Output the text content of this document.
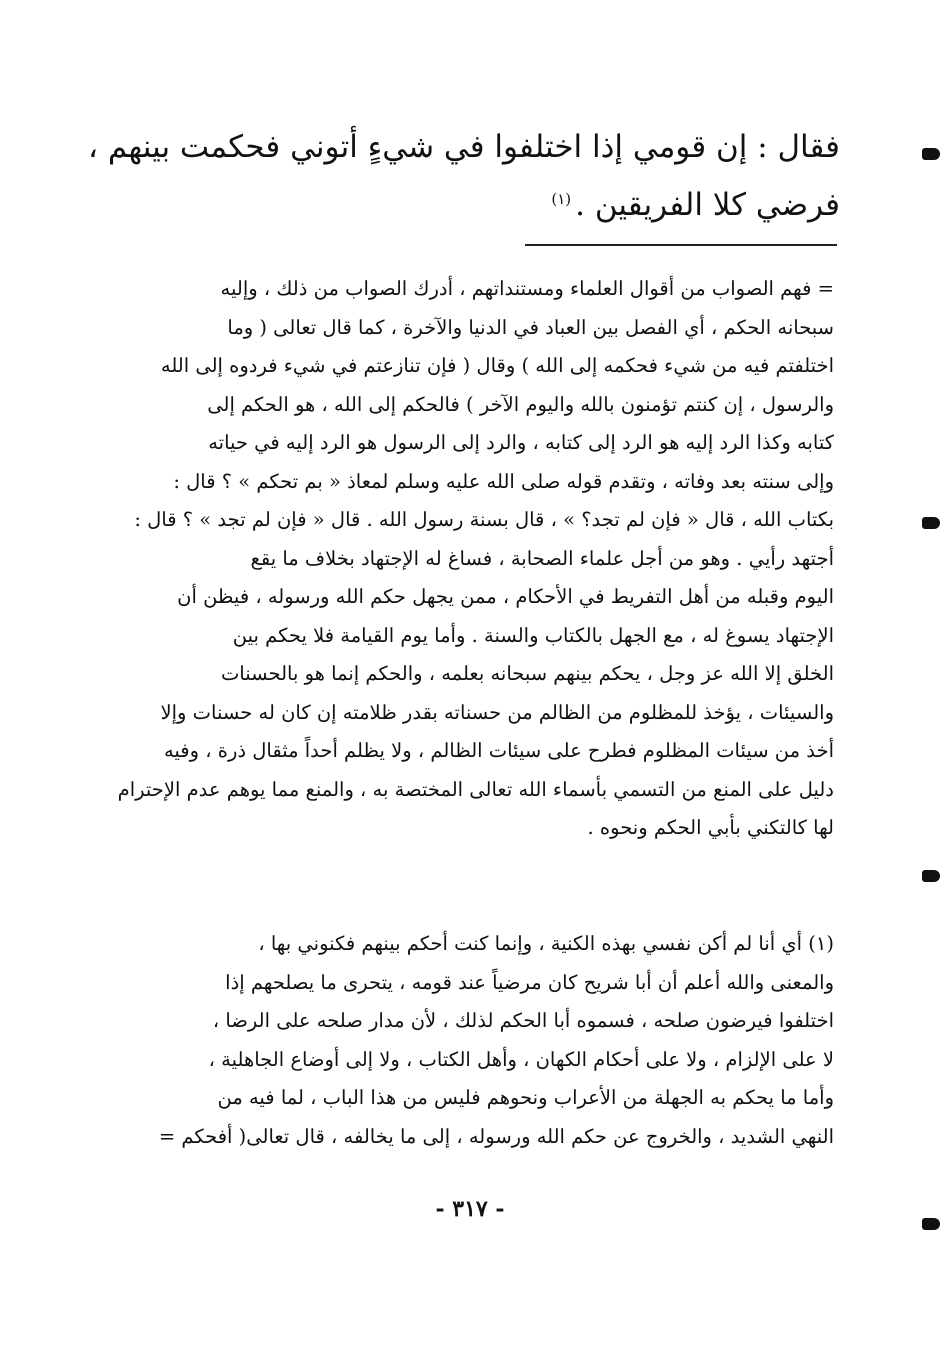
فقال : إن قومي إذا اختلفوا في شيءٍ أتوني فحكمت بينهم ،
فرضي كلا الفريقين .$^{(١)}$
= فهم الصواب من أقوال العلماء ومستنداتهم ، أدرك الصواب من ذلك ، وإليه
سبحانه الحكم ، أي الفصل بين العباد في الدنيا والآخرة ، كما قال تعالى ( وما
اختلفتم فيه من شيء فحكمه إلى الله ) وقال ( فإن تنازعتم في شيء فردوه إلى الله
والرسول ، إن كنتم تؤمنون بالله واليوم الآخر ) فالحكم إلى الله ، هو الحكم إلى
كتابه وكذا الرد إليه هو الرد إلى كتابه ، والرد إلى الرسول هو الرد إليه في حياته
وإلى سنته بعد وفاته ، وتقدم قوله صلى الله عليه وسلم لمعاذ « بم تحكم » ؟ قال :
بكتاب الله ، قال « فإن لم تجد؟ » ، قال بسنة رسول الله . قال « فإن لم تجد » ؟ قال :
أجتهد رأيي . وهو من أجل علماء الصحابة ، فساغ له الإجتهاد بخلاف ما يقع
اليوم وقبله من أهل التفريط في الأحكام ، ممن يجهل حكم الله ورسوله ، فيظن أن
الإجتهاد يسوغ له ، مع الجهل بالكتاب والسنة . وأما يوم القيامة فلا يحكم بين
الخلق إلا الله عز وجل ، يحكم بينهم سبحانه بعلمه ، والحكم إنما هو بالحسنات
والسيئات ، يؤخذ للمظلوم من الظالم من حسناته بقدر ظلامته إن كان له حسنات وإلا
أخذ من سيئات المظلوم فطرح على سيئات الظالم ، ولا يظلم أحداً مثقال ذرة ، وفيه
دليل على المنع من التسمي بأسماء الله تعالى المختصة به ، والمنع مما يوهم عدم الإحترام
لها كالتكني بأبي الحكم ونحوه .
(١) أي أنا لم أكن نفسي بهذه الكنية ، وإنما كنت أحكم بينهم فكنوني بها ،
والمعنى والله أعلم أن أبا شريح كان مرضياً عند قومه ، يتحرى ما يصلحهم إذا
اختلفوا فيرضون صلحه ، فسموه أبا الحكم لذلك ، لأن مدار صلحه على الرضا ،
لا على الإلزام ، ولا على أحكام الكهان ، وأهل الكتاب ، ولا إلى أوضاع الجاهلية ،
وأما ما يحكم به الجهلة من الأعراب ونحوهم فليس من هذا الباب ، لما فيه من
النهي الشديد ، والخروج عن حكم الله ورسوله ، إلى ما يخالفه ، قال تعالى( أفحكم =
- ٣١٧ -
